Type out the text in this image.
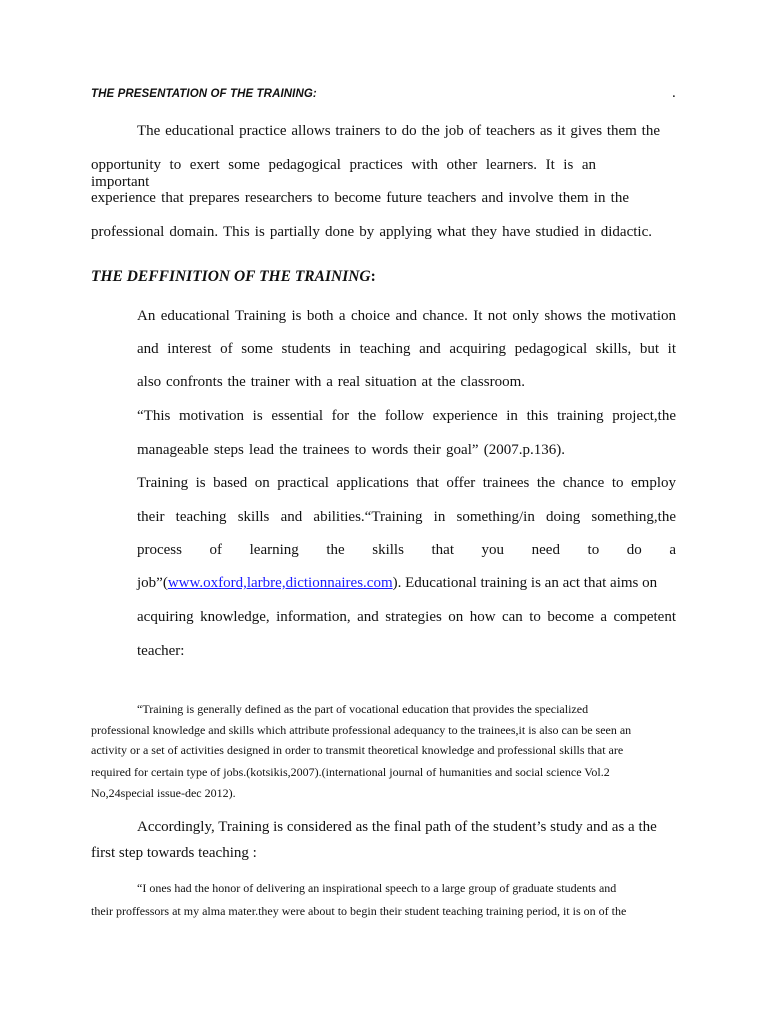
THE PRESENTATION OF THE TRAINING:	.
The educational practice allows trainers to do the job of teachers as it gives them the
opportunity to exert some pedagogical practices with other learners. It is an important
experience that prepares researchers to become future teachers and involve them in the
professional domain. This is partially done by applying what they have studied in didactic.
THE DEFFINITION OF THE TRAINING:
An educational Training is both a choice and chance. It not only shows the motivation
and interest of some students in teaching and acquiring pedagogical skills, but it
also confronts the trainer with a real situation at the classroom.
“This motivation is essential for the follow experience in this training project,the
manageable steps lead the trainees to words their goal” (2007.p.136).
Training is based on practical applications that offer trainees the chance to employ
their teaching skills and abilities.“Training in something/in doing something,the
process of learning the skills that you need to do a
job”(www.oxford,larbre,dictionnaires.com). Educational training is an act that aims on
acquiring knowledge, information, and strategies on how can to become a competent
teacher:
“Training is generally defined as the part of vocational education that provides the specialized
professional knowledge and skills which attribute professional adequancy to the trainees,it is also can be seen an
activity or a set of activities designed in order to transmit theoretical knowledge and professional skills that are
required for certain type of jobs.(kotsikis,2007).(international journal of humanities and social science Vol.2
No,24special issue-dec 2012).
Accordingly, Training is considered as the final path of the student’s study and as a the
first step towards teaching :
“I ones had the honor of delivering an inspirational speech to a large group of graduate students and
their proffessors at my alma mater.they were about to begin their student teaching training period, it is on of the
